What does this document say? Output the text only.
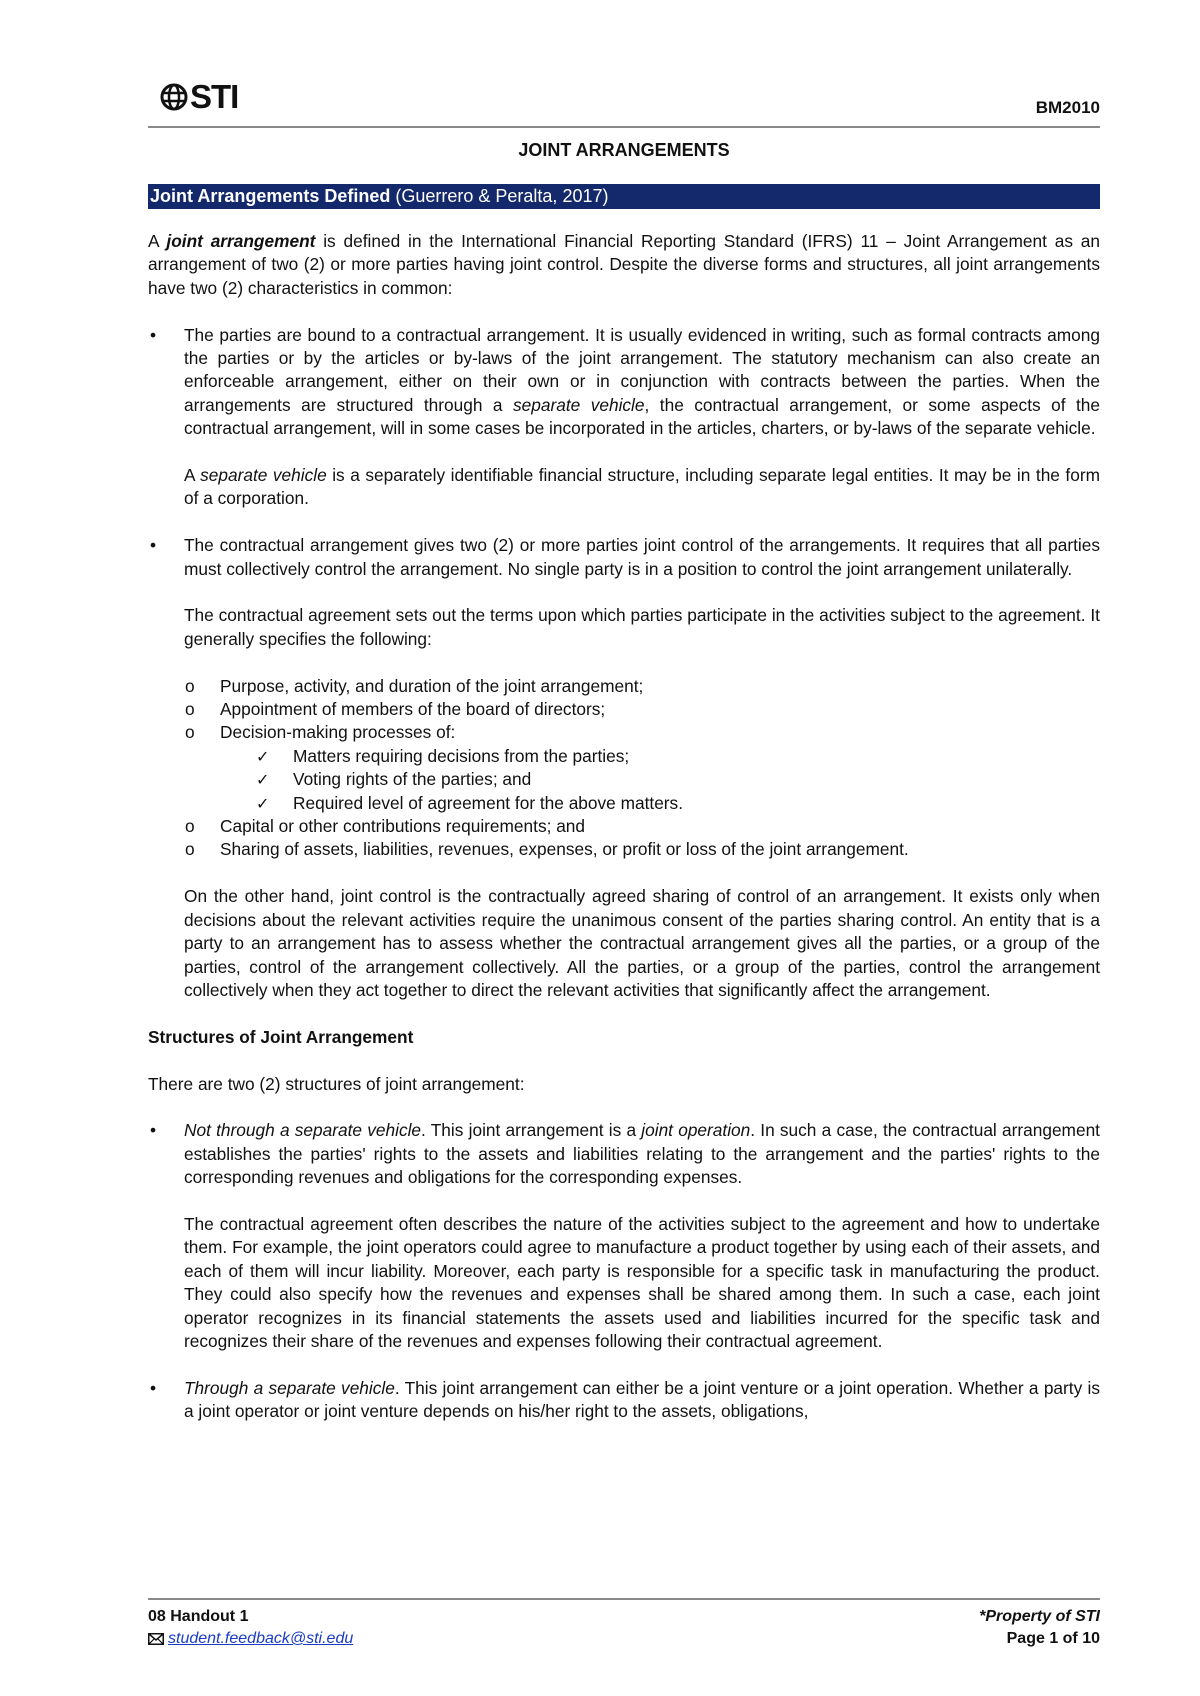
STI	BM2010
JOINT ARRANGEMENTS
Joint Arrangements Defined (Guerrero & Peralta, 2017)

A joint arrangement is defined in the International Financial Reporting Standard (IFRS) 11 – Joint Arrangement as an arrangement of two (2) or more parties having joint control. Despite the diverse forms and structures, all joint arrangements have two (2) characteristics in common:

• The parties are bound to a contractual arrangement. It is usually evidenced in writing, such as formal contracts among the parties or by the articles or by-laws of the joint arrangement. The statutory mechanism can also create an enforceable arrangement, either on their own or in conjunction with contracts between the parties. When the arrangements are structured through a separate vehicle, the contractual arrangement, or some aspects of the contractual arrangement, will in some cases be incorporated in the articles, charters, or by-laws of the separate vehicle.

A separate vehicle is a separately identifiable financial structure, including separate legal entities. It may be in the form of a corporation.

• The contractual arrangement gives two (2) or more parties joint control of the arrangements. It requires that all parties must collectively control the arrangement. No single party is in a position to control the joint arrangement unilaterally.

The contractual agreement sets out the terms upon which parties participate in the activities subject to the agreement. It generally specifies the following:

o Purpose, activity, and duration of the joint arrangement;

o Appointment of members of the board of directors;

o Decision-making processes of:

✓ Matters requiring decisions from the parties;

✓ Voting rights of the parties; and

✓ Required level of agreement for the above matters.

o Capital or other contributions requirements; and

o Sharing of assets, liabilities, revenues, expenses, or profit or loss of the joint arrangement.

On the other hand, joint control is the contractually agreed sharing of control of an arrangement. It exists only when decisions about the relevant activities require the unanimous consent of the parties sharing control. An entity that is a party to an arrangement has to assess whether the contractual arrangement gives all the parties, or a group of the parties, control of the arrangement collectively. All the parties, or a group of the parties, control the arrangement collectively when they act together to direct the relevant activities that significantly affect the arrangement.

Structures of Joint Arrangement

There are two (2) structures of joint arrangement:

• Not through a separate vehicle. This joint arrangement is a joint operation. In such a case, the contractual arrangement establishes the parties' rights to the assets and liabilities relating to the arrangement and the parties' rights to the corresponding revenues and obligations for the corresponding expenses.

The contractual agreement often describes the nature of the activities subject to the agreement and how to undertake them. For example, the joint operators could agree to manufacture a product together by using each of their assets, and each of them will incur liability. Moreover, each party is responsible for a specific task in manufacturing the product. They could also specify how the revenues and expenses shall be shared among them. In such a case, each joint operator recognizes in its financial statements the assets used and liabilities incurred for the specific task and recognizes their share of the revenues and expenses following their contractual agreement.

• Through a separate vehicle. This joint arrangement can either be a joint venture or a joint operation. Whether a party is a joint operator or joint venture depends on his/her right to the assets, obligations,

08 Handout 1
student.feedback@sti.edu
*Property of STI
Page 1 of 10
